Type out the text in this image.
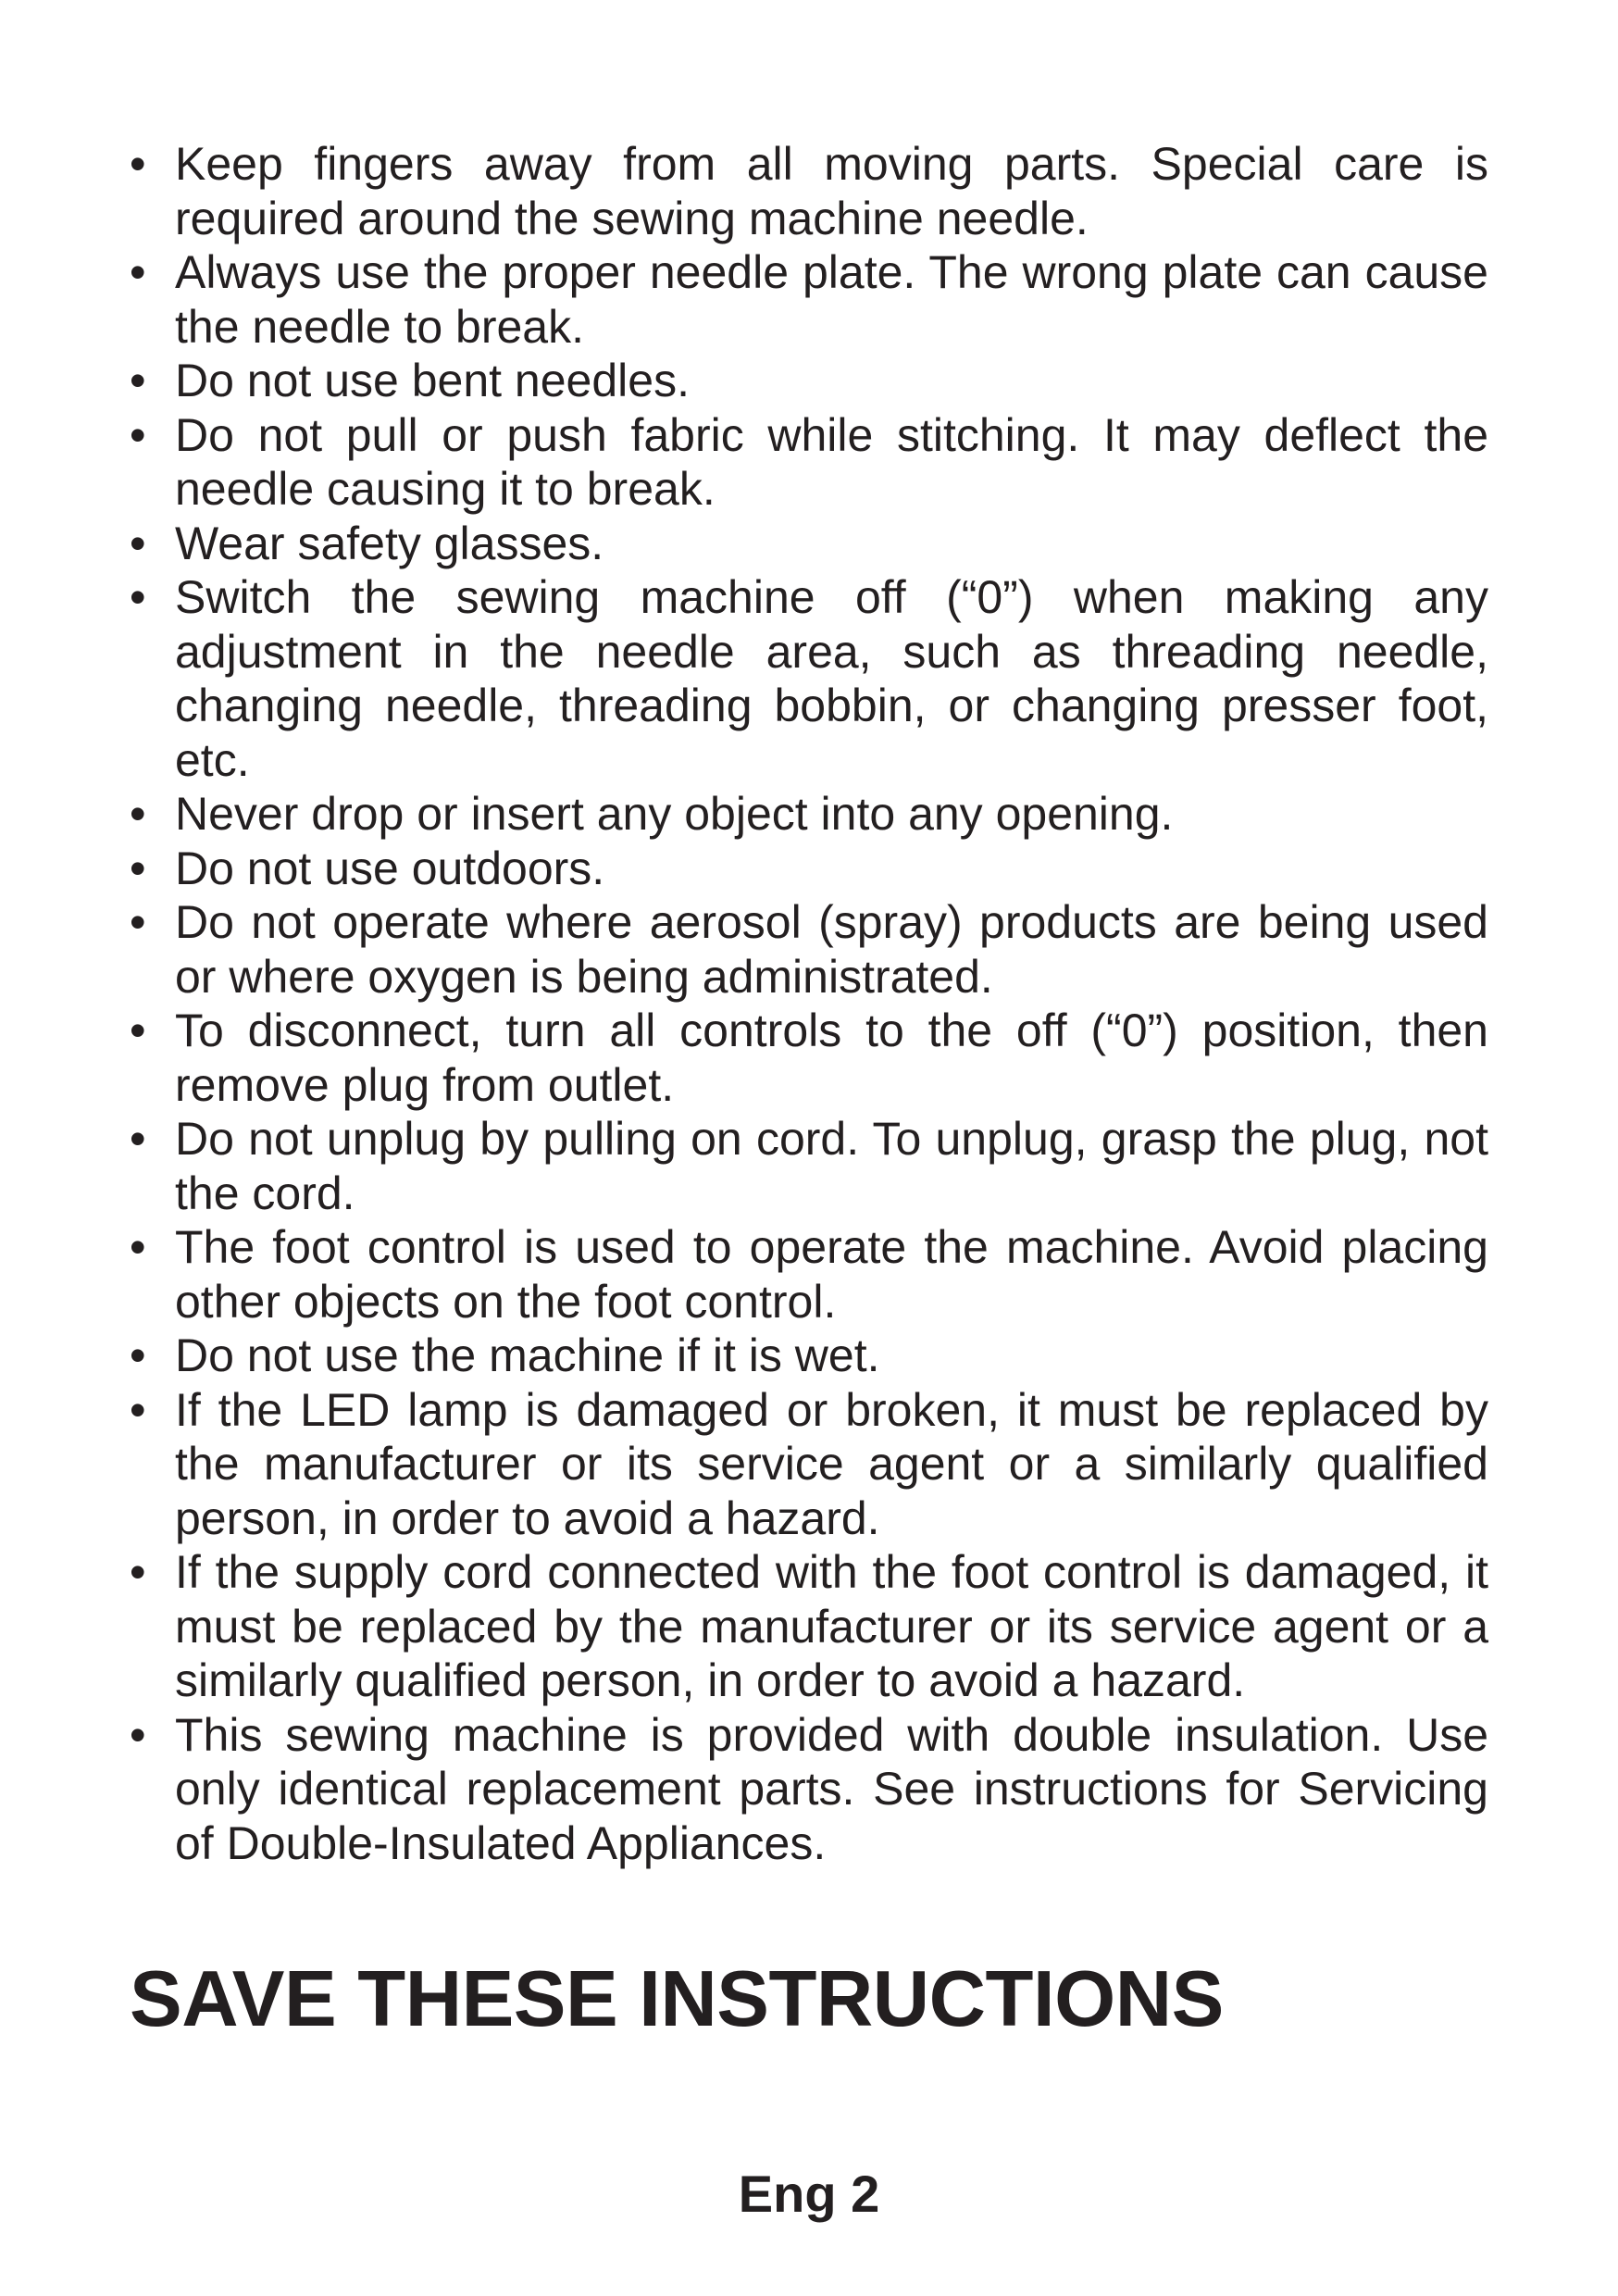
• Keep fingers away from all moving parts. Special care is required around the sewing machine needle.
• Always use the proper needle plate. The wrong plate can cause the needle to break.
• Do not use bent needles.
• Do not pull or push fabric while stitching. It may deflect the needle causing it to break.
• Wear safety glasses.
• Switch the sewing machine off (“0”) when making any adjustment in the needle area, such as threading needle, changing needle, threading bobbin, or changing presser foot, etc.
• Never drop or insert any object into any opening.
• Do not use outdoors.
• Do not operate where aerosol (spray) products are being used or where oxygen is being administrated.
• To disconnect, turn all controls to the off (“0”) position, then remove plug from outlet.
• Do not unplug by pulling on cord. To unplug, grasp the plug, not the cord.
• The foot control is used to operate the machine. Avoid placing other objects on the foot control.
• Do not use the machine if it is wet.
• If the LED lamp is damaged or broken, it must be replaced by the manufacturer or its service agent or a similarly qualified person, in order to avoid a hazard.
• If the supply cord connected with the foot control is damaged, it must be replaced by the manufacturer or its service agent or a similarly qualified person, in order to avoid a hazard.
• This sewing machine is provided with double insulation. Use only identical replacement parts. See instructions for Servicing of Double-Insulated Appliances.
SAVE THESE INSTRUCTIONS
Eng 2
